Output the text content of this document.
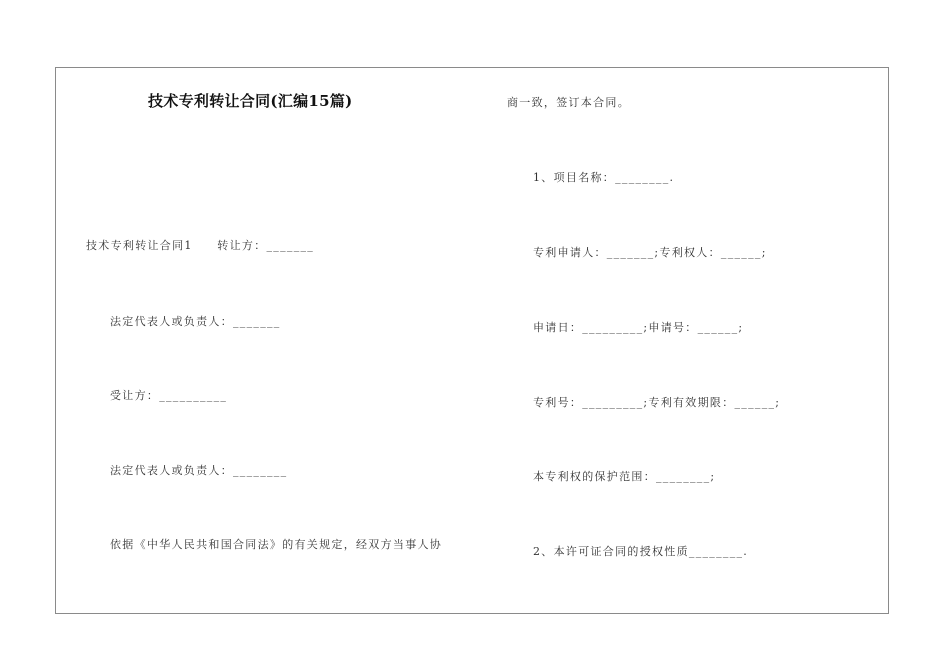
技术专利转让合同(汇编15篇)
技术专利转让合同1　　转让方：_______
法定代表人或负责人：_______
受让方：__________
法定代表人或负责人：________
依据《中华人民共和国合同法》的有关规定，经双方当事人协
商一致，签订本合同。
1、项目名称：________.
专利申请人：_______;专利权人：______;
申请日：_________;申请号：______;
专利号：_________;专利有效期限：______;
本专利权的保护范围：________;
2、本许可证合同的授权性质________.
